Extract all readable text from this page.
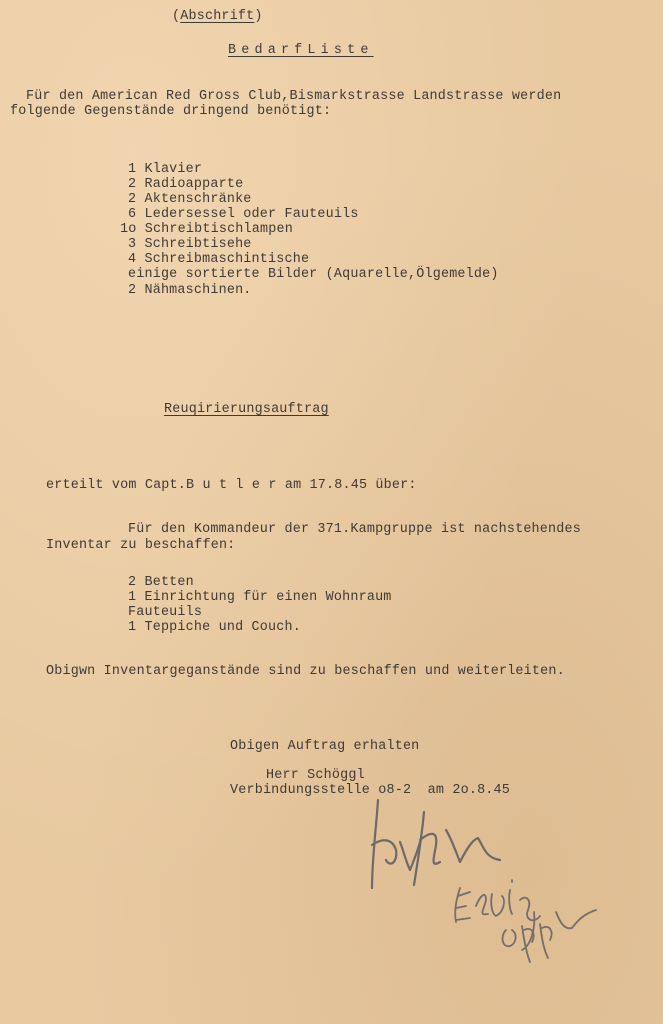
(Abschrift)
BedarfListe
Für den American Red Gross Club,Bismarkstrasse Landstrasse werden
folgende Gegenstände dringend benötigt:
1 Klavier
2 Radioapparte
2 Aktenschränke
6 Ledersessel oder Fauteuils
1o Schreibtischlampen
3 Schreibtisehe
4 Schreibmaschintische
einige sortierte Bilder (Aquarelle,Ölgemelde)
2 Nähmaschinen.
Reuqirierungsauftrag
erteilt vom Capt.B u t l e r am 17.8.45 über:
Für den Kommandeur der 371.Kampgruppe ist nachstehendes
Inventar zu beschaffen:
2 Betten
1 Einrichtung für einen Wohnraum
Fauteuils
1 Teppiche und Couch.
Obigwn Inventargeganstände sind zu beschaffen und weiterleiten.
Obigen Auftrag erhalten
Herr Schöggl
Verbindungsstelle o8-2  am 2o.8.45
